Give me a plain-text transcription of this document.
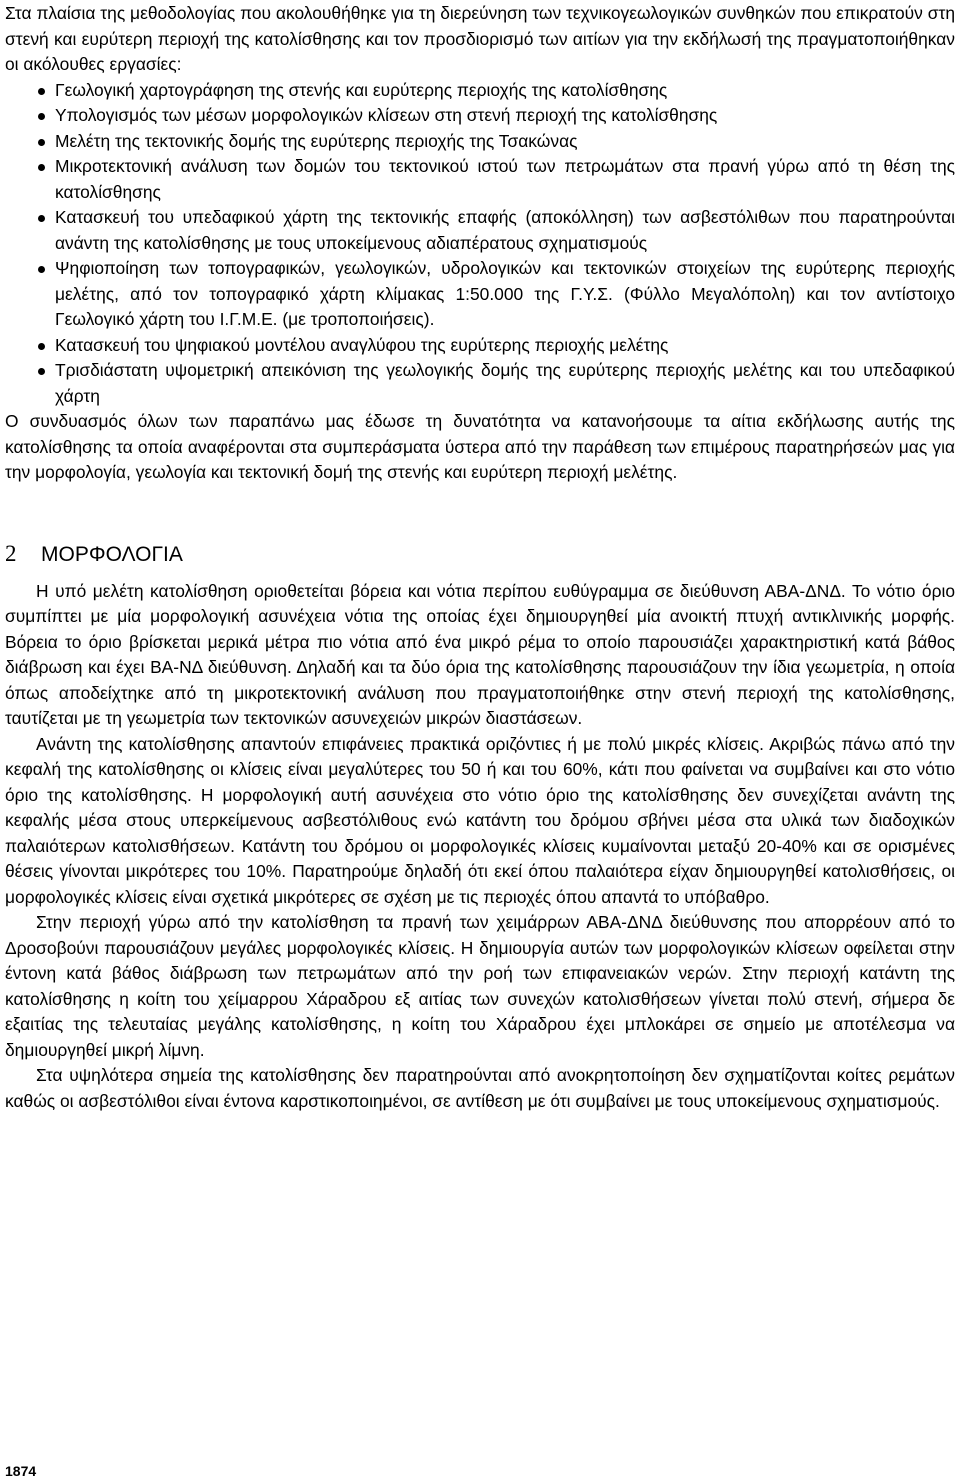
Στα πλαίσια της μεθοδολογίας που ακολουθήθηκε για τη διερεύνηση των τεχνικογεωλογικών συνθηκών που επικρατούν στη στενή και ευρύτερη περιοχή της κατολίσθησης και τον προσδιορισμό των αιτίων για την εκδήλωσή της πραγματοποιήθηκαν οι ακόλουθες εργασίες:

Γεωλογική χαρτογράφηση της στενής και ευρύτερης περιοχής της κατολίσθησης
Υπολογισμός των μέσων μορφολογικών κλίσεων στη στενή περιοχή της κατολίσθησης
Μελέτη της τεκτονικής δομής της ευρύτερης περιοχής της Τσακώνας
Μικροτεκτονική ανάλυση των δομών του τεκτονικού ιστού των πετρωμάτων στα πρανή γύρω από τη θέση της κατολίσθησης
Κατασκευή του υπεδαφικού χάρτη της τεκτονικής επαφής (αποκόλληση) των ασβεστόλιθων που παρατηρούνται ανάντη της κατολίσθησης με τους υποκείμενους αδιαπέρατους σχηματισμούς
Ψηφιοποίηση των τοπογραφικών, γεωλογικών, υδρολογικών και τεκτονικών στοιχείων της ευρύτερης περιοχής μελέτης, από τον τοπογραφικό χάρτη κλίμακας 1:50.000 της Γ.Υ.Σ. (Φύλλο Μεγαλόπολη) και τον αντίστοιχο Γεωλογικό χάρτη του Ι.Γ.Μ.Ε. (με τροποποιήσεις).
Κατασκευή του ψηφιακού μοντέλου αναγλύφου της ευρύτερης περιοχής μελέτης
Τρισδιάστατη υψομετρική απεικόνιση της γεωλογικής δομής της ευρύτερης περιοχής μελέτης και του υπεδαφικού χάρτη

Ο συνδυασμός όλων των παραπάνω μας έδωσε τη δυνατότητα να κατανοήσουμε τα αίτια εκδήλωσης αυτής της κατολίσθησης τα οποία αναφέρονται στα συμπεράσματα ύστερα από την παράθεση των επιμέρους παρατηρήσεών μας για την μορφολογία, γεωλογία και τεκτονική δομή της στενής και ευρύτερη περιοχή μελέτης.

2 ΜΟΡΦΟΛΟΓΙΑ

Η υπό μελέτη κατολίσθηση οριοθετείται βόρεια και νότια περίπου ευθύγραμμα σε διεύθυνση ΑΒΑ-ΔΝΔ. Το νότιο όριο συμπίπτει με μία μορφολογική ασυνέχεια νότια της οποίας έχει δημιουργηθεί μία ανοικτή πτυχή αντικλινικής μορφής. Βόρεια το όριο βρίσκεται μερικά μέτρα πιο νότια από ένα μικρό ρέμα το οποίο παρουσιάζει χαρακτηριστική κατά βάθος διάβρωση και έχει ΒΑ-ΝΔ διεύθυνση. Δηλαδή και τα δύο όρια της κατολίσθησης παρουσιάζουν την ίδια γεωμετρία, η οποία όπως αποδείχτηκε από τη μικροτεκτονική ανάλυση που πραγματοποιήθηκε στην στενή περιοχή της κατολίσθησης, ταυτίζεται με τη γεωμετρία των τεκτονικών ασυνεχειών μικρών διαστάσεων.

Ανάντη της κατολίσθησης απαντούν επιφάνειες πρακτικά οριζόντιες ή με πολύ μικρές κλίσεις. Ακριβώς πάνω από την κεφαλή της κατολίσθησης οι κλίσεις είναι μεγαλύτερες του 50 ή και του 60%, κάτι που φαίνεται να συμβαίνει και στο νότιο όριο της κατολίσθησης. Η μορφολογική αυτή ασυνέχεια στο νότιο όριο της κατολίσθησης δεν συνεχίζεται ανάντη της κεφαλής μέσα στους υπερκείμενους ασβεστόλιθους ενώ κατάντη του δρόμου σβήνει μέσα στα υλικά των διαδοχικών παλαιότερων κατολισθήσεων. Κατάντη του δρόμου οι μορφολογικές κλίσεις κυμαίνονται μεταξύ 20-40% και σε ορισμένες θέσεις γίνονται μικρότερες του 10%. Παρατηρούμε δηλαδή ότι εκεί όπου παλαιότερα είχαν δημιουργηθεί κατολισθήσεις, οι μορφολογικές κλίσεις είναι σχετικά μικρότερες σε σχέση με τις περιοχές όπου απαντά το υπόβαθρο.

Στην περιοχή γύρω από την κατολίσθηση τα πρανή των χειμάρρων ΑΒΑ-ΔΝΔ διεύθυνσης που απορρέουν από το Δροσοβούνι παρουσιάζουν μεγάλες μορφολογικές κλίσεις. Η δημιουργία αυτών των μορφολογικών κλίσεων οφείλεται στην έντονη κατά βάθος διάβρωση των πετρωμάτων από την ροή των επιφανειακών νερών. Στην περιοχή κατάντη της κατολίσθησης η κοίτη του χείμαρρου Χάραδρου εξ αιτίας των συνεχών κατολισθήσεων γίνεται πολύ στενή, σήμερα δε εξαιτίας της τελευταίας μεγάλης κατολίσθησης, η κοίτη του Χάραδρου έχει μπλοκάρει σε σημείο με αποτέλεσμα να δημιουργηθεί μικρή λίμνη.

Στα υψηλότερα σημεία της κατολίσθησης δεν παρατηρούνται από ανοκρητοποίηση δεν σχηματίζονται κοίτες ρεμάτων καθώς οι ασβεστόλιθοι είναι έντονα καρστικοποιημένοι, σε αντίθεση με ότι συμβαίνει με τους υποκείμενους σχηματισμούς.

1874
